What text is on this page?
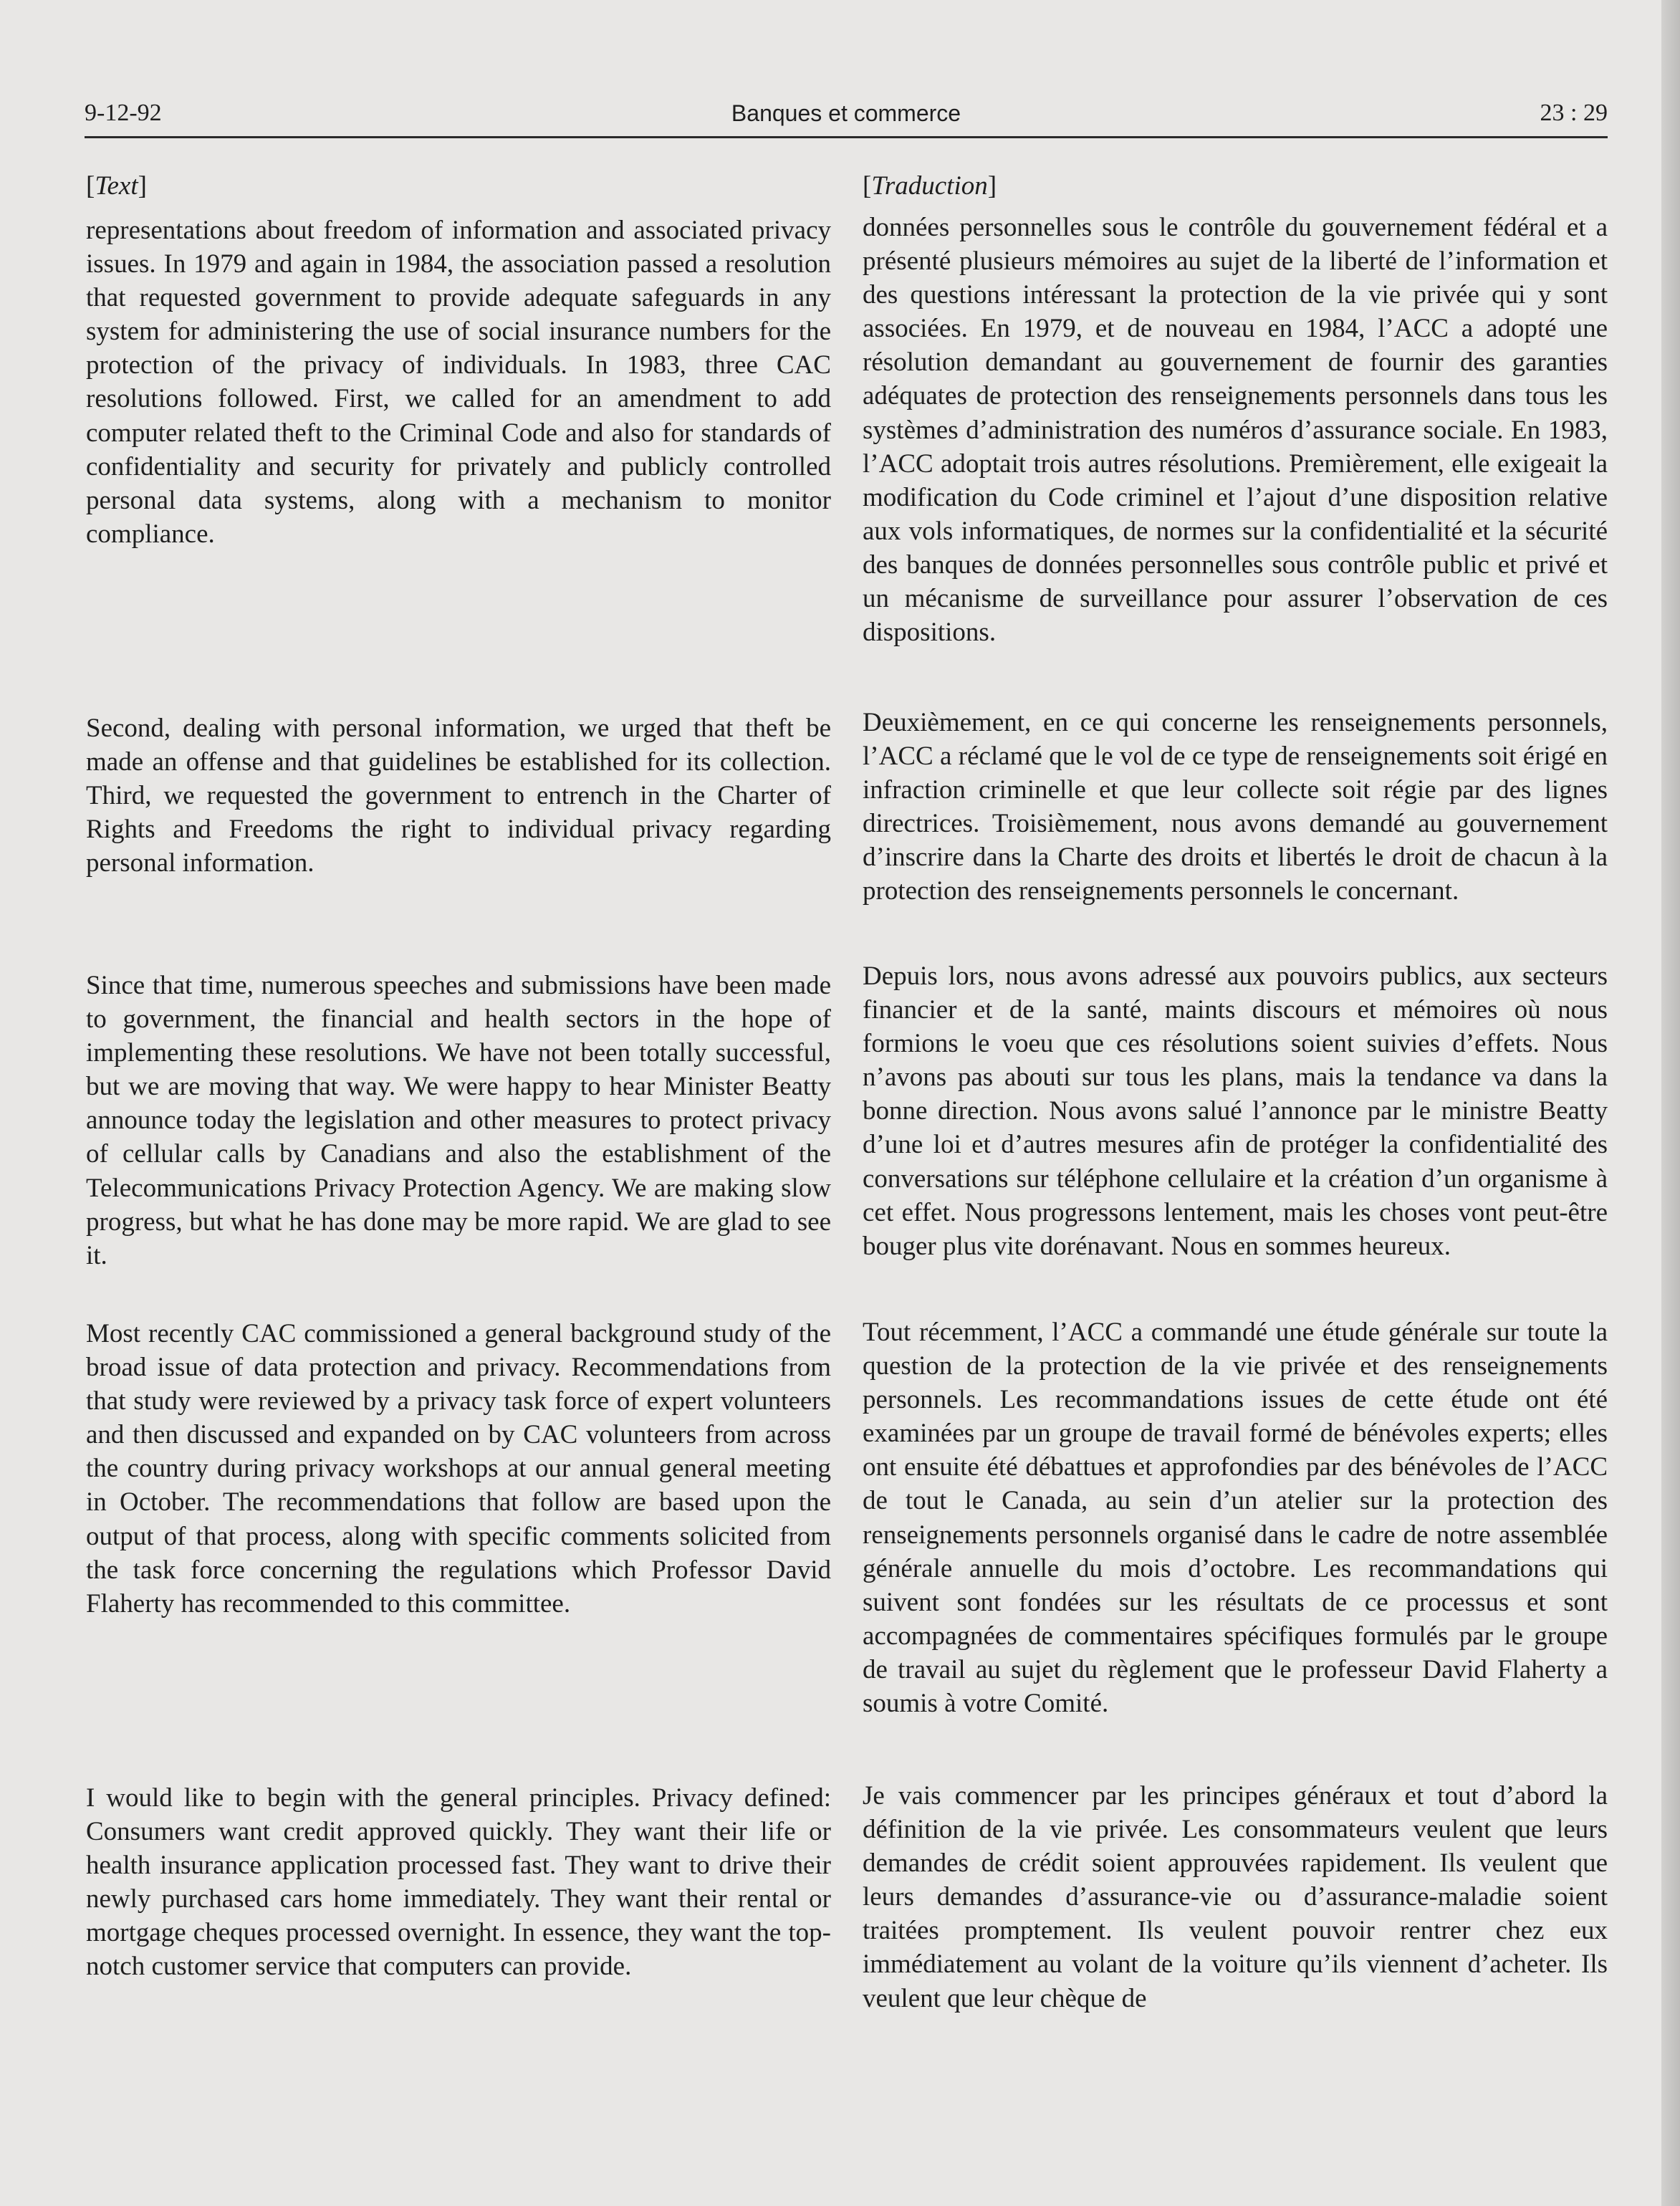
9-12-92	Banques et commerce	23 : 29
[Text]

representations about freedom of information and associated privacy issues. In 1979 and again in 1984, the association passed a resolution that requested government to provide adequate safeguards in any system for administering the use of social insurance numbers for the protection of the privacy of individuals. In 1983, three CAC resolutions followed. First, we called for an amendment to add computer related theft to the Criminal Code and also for standards of confidentiality and security for privately and publicly controlled personal data systems, along with a mechanism to monitor compliance.

Second, dealing with personal information, we urged that theft be made an offense and that guidelines be established for its collection. Third, we requested the government to entrench in the Charter of Rights and Freedoms the right to individual privacy regarding personal information.

Since that time, numerous speeches and submissions have been made to government, the financial and health sectors in the hope of implementing these resolutions. We have not been totally successful, but we are moving that way. We were happy to hear Minister Beatty announce today the legislation and other measures to protect privacy of cellular calls by Canadians and also the establishment of the Telecommunications Privacy Protection Agency. We are making slow progress, but what he has done may be more rapid. We are glad to see it.

Most recently CAC commissioned a general background study of the broad issue of data protection and privacy. Recommendations from that study were reviewed by a privacy task force of expert volunteers and then discussed and expanded on by CAC volunteers from across the country during privacy workshops at our annual general meeting in October. The recommendations that follow are based upon the output of that process, along with specific comments solicited from the task force concerning the regulations which Professor David Flaherty has recommended to this committee.

I would like to begin with the general principles. Privacy defined: Consumers want credit approved quickly. They want their life or health insurance application processed fast. They want to drive their newly purchased cars home immediately. They want their rental or mortgage cheques processed overnight. In essence, they want the top-notch customer service that computers can provide.

[Traduction]

données personnelles sous le contrôle du gouvernement fédéral et a présenté plusieurs mémoires au sujet de la liberté de l’information et des questions intéressant la protection de la vie privée qui y sont associées. En 1979, et de nouveau en 1984, l’ACC a adopté une résolution demandant au gouvernement de fournir des garanties adéquates de protection des renseignements personnels dans tous les systèmes d’administration des numéros d’assurance sociale. En 1983, l’ACC adoptait trois autres résolutions. Premièrement, elle exigeait la modification du Code criminel et l’ajout d’une disposition relative aux vols informatiques, de normes sur la confidentialité et la sécurité des banques de données personnelles sous contrôle public et privé et un mécanisme de surveillance pour assurer l’observation de ces dispositions.

Deuxièmement, en ce qui concerne les renseignements personnels, l’ACC a réclamé que le vol de ce type de renseignements soit érigé en infraction criminelle et que leur collecte soit régie par des lignes directrices. Troisièmement, nous avons demandé au gouvernement d’inscrire dans la Charte des droits et libertés le droit de chacun à la protection des renseignements personnels le concernant.

Depuis lors, nous avons adressé aux pouvoirs publics, aux secteurs financier et de la santé, maints discours et mémoires où nous formions le voeu que ces résolutions soient suivies d’effets. Nous n’avons pas abouti sur tous les plans, mais la tendance va dans la bonne direction. Nous avons salué l’annonce par le ministre Beatty d’une loi et d’autres mesures afin de protéger la confidentialité des conversations sur téléphone cellulaire et la création d’un organisme à cet effet. Nous progressons lentement, mais les choses vont peut-être bouger plus vite dorénavant. Nous en sommes heureux.

Tout récemment, l’ACC a commandé une étude générale sur toute la question de la protection de la vie privée et des renseignements personnels. Les recommandations issues de cette étude ont été examinées par un groupe de travail formé de bénévoles experts; elles ont ensuite été débattues et approfondies par des bénévoles de l’ACC de tout le Canada, au sein d’un atelier sur la protection des renseignements personnels organisé dans le cadre de notre assemblée générale annuelle du mois d’octobre. Les recommandations qui suivent sont fondées sur les résultats de ce processus et sont accompagnées de commentaires spécifiques formulés par le groupe de travail au sujet du règlement que le professeur David Flaherty a soumis à votre Comité.

Je vais commencer par les principes généraux et tout d’abord la définition de la vie privée. Les consommateurs veulent que leurs demandes de crédit soient approuvées rapidement. Ils veulent que leurs demandes d’assurance-vie ou d’assurance-maladie soient traitées promptement. Ils veulent pouvoir rentrer chez eux immédiatement au volant de la voiture qu’ils viennent d’acheter. Ils veulent que leur chèque de
